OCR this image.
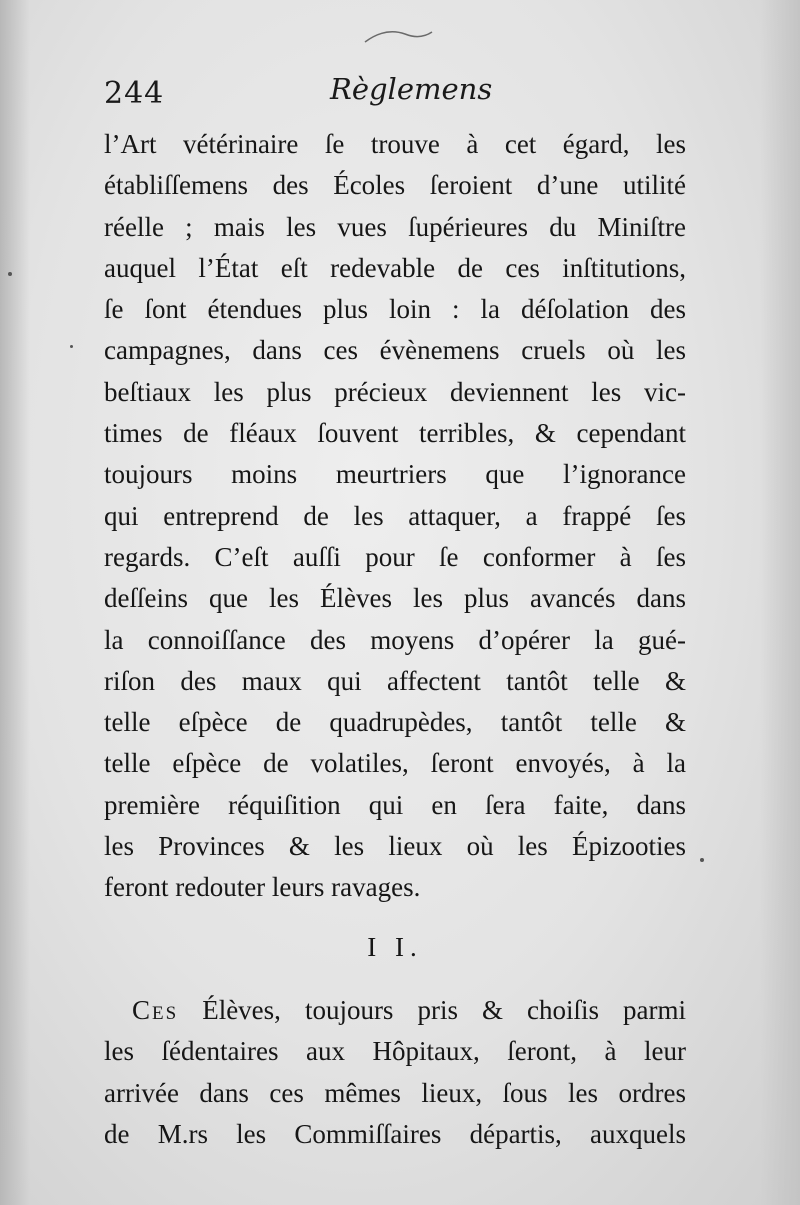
244	Règlemens
l’Art vétérinaire ſe trouve à cet égard, les
établiſſemens des Écoles ſeroient d’une utilité
réelle ; mais les vues ſupérieures du Miniſtre
auquel l’État eſt redevable de ces inſtitutions,
ſe ſont étendues plus loin : la déſolation des
campagnes, dans ces évènemens cruels où les
beſtiaux les plus précieux deviennent les vic-
times de fléaux ſouvent terribles, & cependant
toujours moins meurtriers que l’ignorance
qui entreprend de les attaquer, a frappé ſes
regards. C’eſt auſſi pour ſe conformer à ſes
deſſeins que les Élèves les plus avancés dans
la connoiſſance des moyens d’opérer la gué-
riſon des maux qui affectent tantôt telle &
telle eſpèce de quadrupèdes, tantôt telle &
telle eſpèce de volatiles, ſeront envoyés, à la
première réquiſition qui en ſera faite, dans
les Provinces & les lieux où les Épizooties
feront redouter leurs ravages.
I I.
Ces Élèves, toujours pris & choiſis parmi
les ſédentaires aux Hôpitaux, ſeront, à leur
arrivée dans ces mêmes lieux, ſous les ordres
de M.rs les Commiſſaires départis, auxquels
